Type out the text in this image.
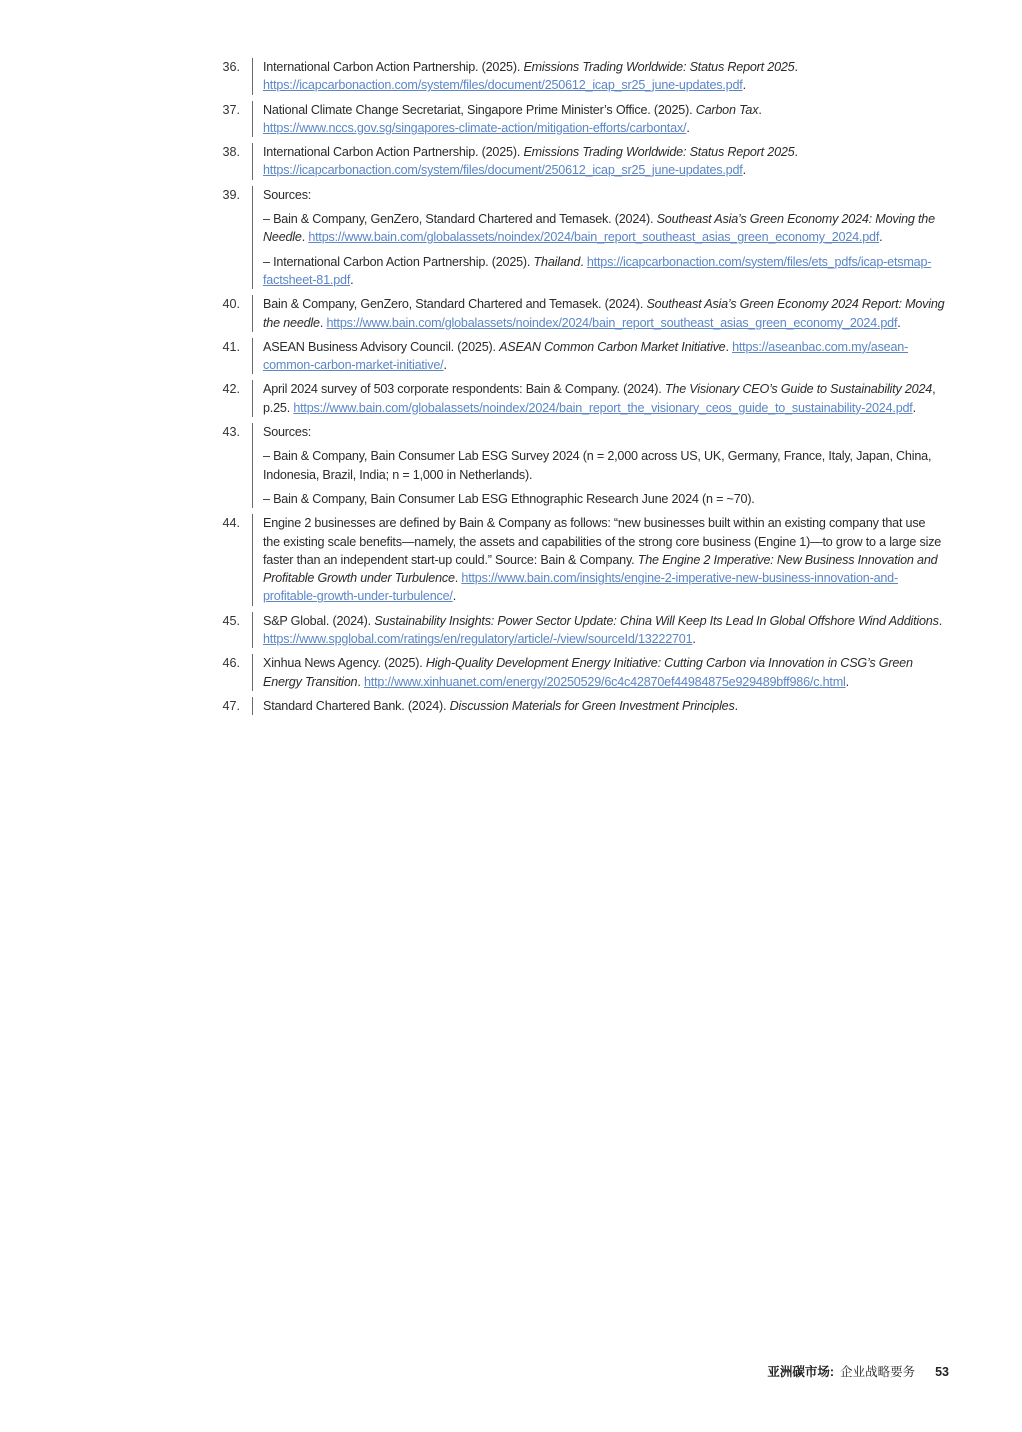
36.	International Carbon Action Partnership. (2025). Emissions Trading Worldwide: Status Report 2025. https://icapcarbonaction.com/system/files/document/250612_icap_sr25_june-updates.pdf.
37.	National Climate Change Secretariat, Singapore Prime Minister’s Office. (2025). Carbon Tax. https://www.nccs.gov.sg/singapores-climate-action/mitigation-efforts/carbontax/.
38.	International Carbon Action Partnership. (2025). Emissions Trading Worldwide: Status Report 2025. https://icapcarbonaction.com/system/files/document/250612_icap_sr25_june-updates.pdf.
39.	Sources:
– Bain & Company, GenZero, Standard Chartered and Temasek. (2024). Southeast Asia’s Green Economy 2024: Moving the Needle. https://www.bain.com/globalassets/noindex/2024/bain_report_southeast_asias_green_economy_2024.pdf.
– International Carbon Action Partnership. (2025). Thailand. https://icapcarbonaction.com/system/files/ets_pdfs/icap-etsmap-factsheet-81.pdf.
40.	Bain & Company, GenZero, Standard Chartered and Temasek. (2024). Southeast Asia’s Green Economy 2024 Report: Moving the needle. https://www.bain.com/globalassets/noindex/2024/bain_report_southeast_asias_green_economy_2024.pdf.
41.	ASEAN Business Advisory Council. (2025). ASEAN Common Carbon Market Initiative. https://aseanbac.com.my/asean-common-carbon-market-initiative/.
42.	April 2024 survey of 503 corporate respondents: Bain & Company. (2024). The Visionary CEO’s Guide to Sustainability 2024, p.25. https://www.bain.com/globalassets/noindex/2024/bain_report_the_visionary_ceos_guide_to_sustainability-2024.pdf.
43.	Sources:
– Bain & Company, Bain Consumer Lab ESG Survey 2024 (n = 2,000 across US, UK, Germany, France, Italy, Japan, China, Indonesia, Brazil, India; n = 1,000 in Netherlands).
– Bain & Company, Bain Consumer Lab ESG Ethnographic Research June 2024 (n = ~70).
44.	Engine 2 businesses are defined by Bain & Company as follows: “new businesses built within an existing company that use the existing scale benefits—namely, the assets and capabilities of the strong core business (Engine 1)—to grow to a large size faster than an independent start-up could.” Source: Bain & Company. The Engine 2 Imperative: New Business Innovation and Profitable Growth under Turbulence. https://www.bain.com/insights/engine-2-imperative-new-business-innovation-and-profitable-growth-under-turbulence/.
45.	S&P Global. (2024). Sustainability Insights: Power Sector Update: China Will Keep Its Lead In Global Offshore Wind Additions. https://www.spglobal.com/ratings/en/regulatory/article/-/view/sourceId/13222701.
46.	Xinhua News Agency. (2025). High-Quality Development Energy Initiative: Cutting Carbon via Innovation in CSG’s Green Energy Transition. http://www.xinhuanet.com/energy/20250529/6c4c42870ef44984875e929489bff986/c.html.
47.	Standard Chartered Bank. (2024). Discussion Materials for Green Investment Principles.
亚洲碳市场: 企业战略要务 53
